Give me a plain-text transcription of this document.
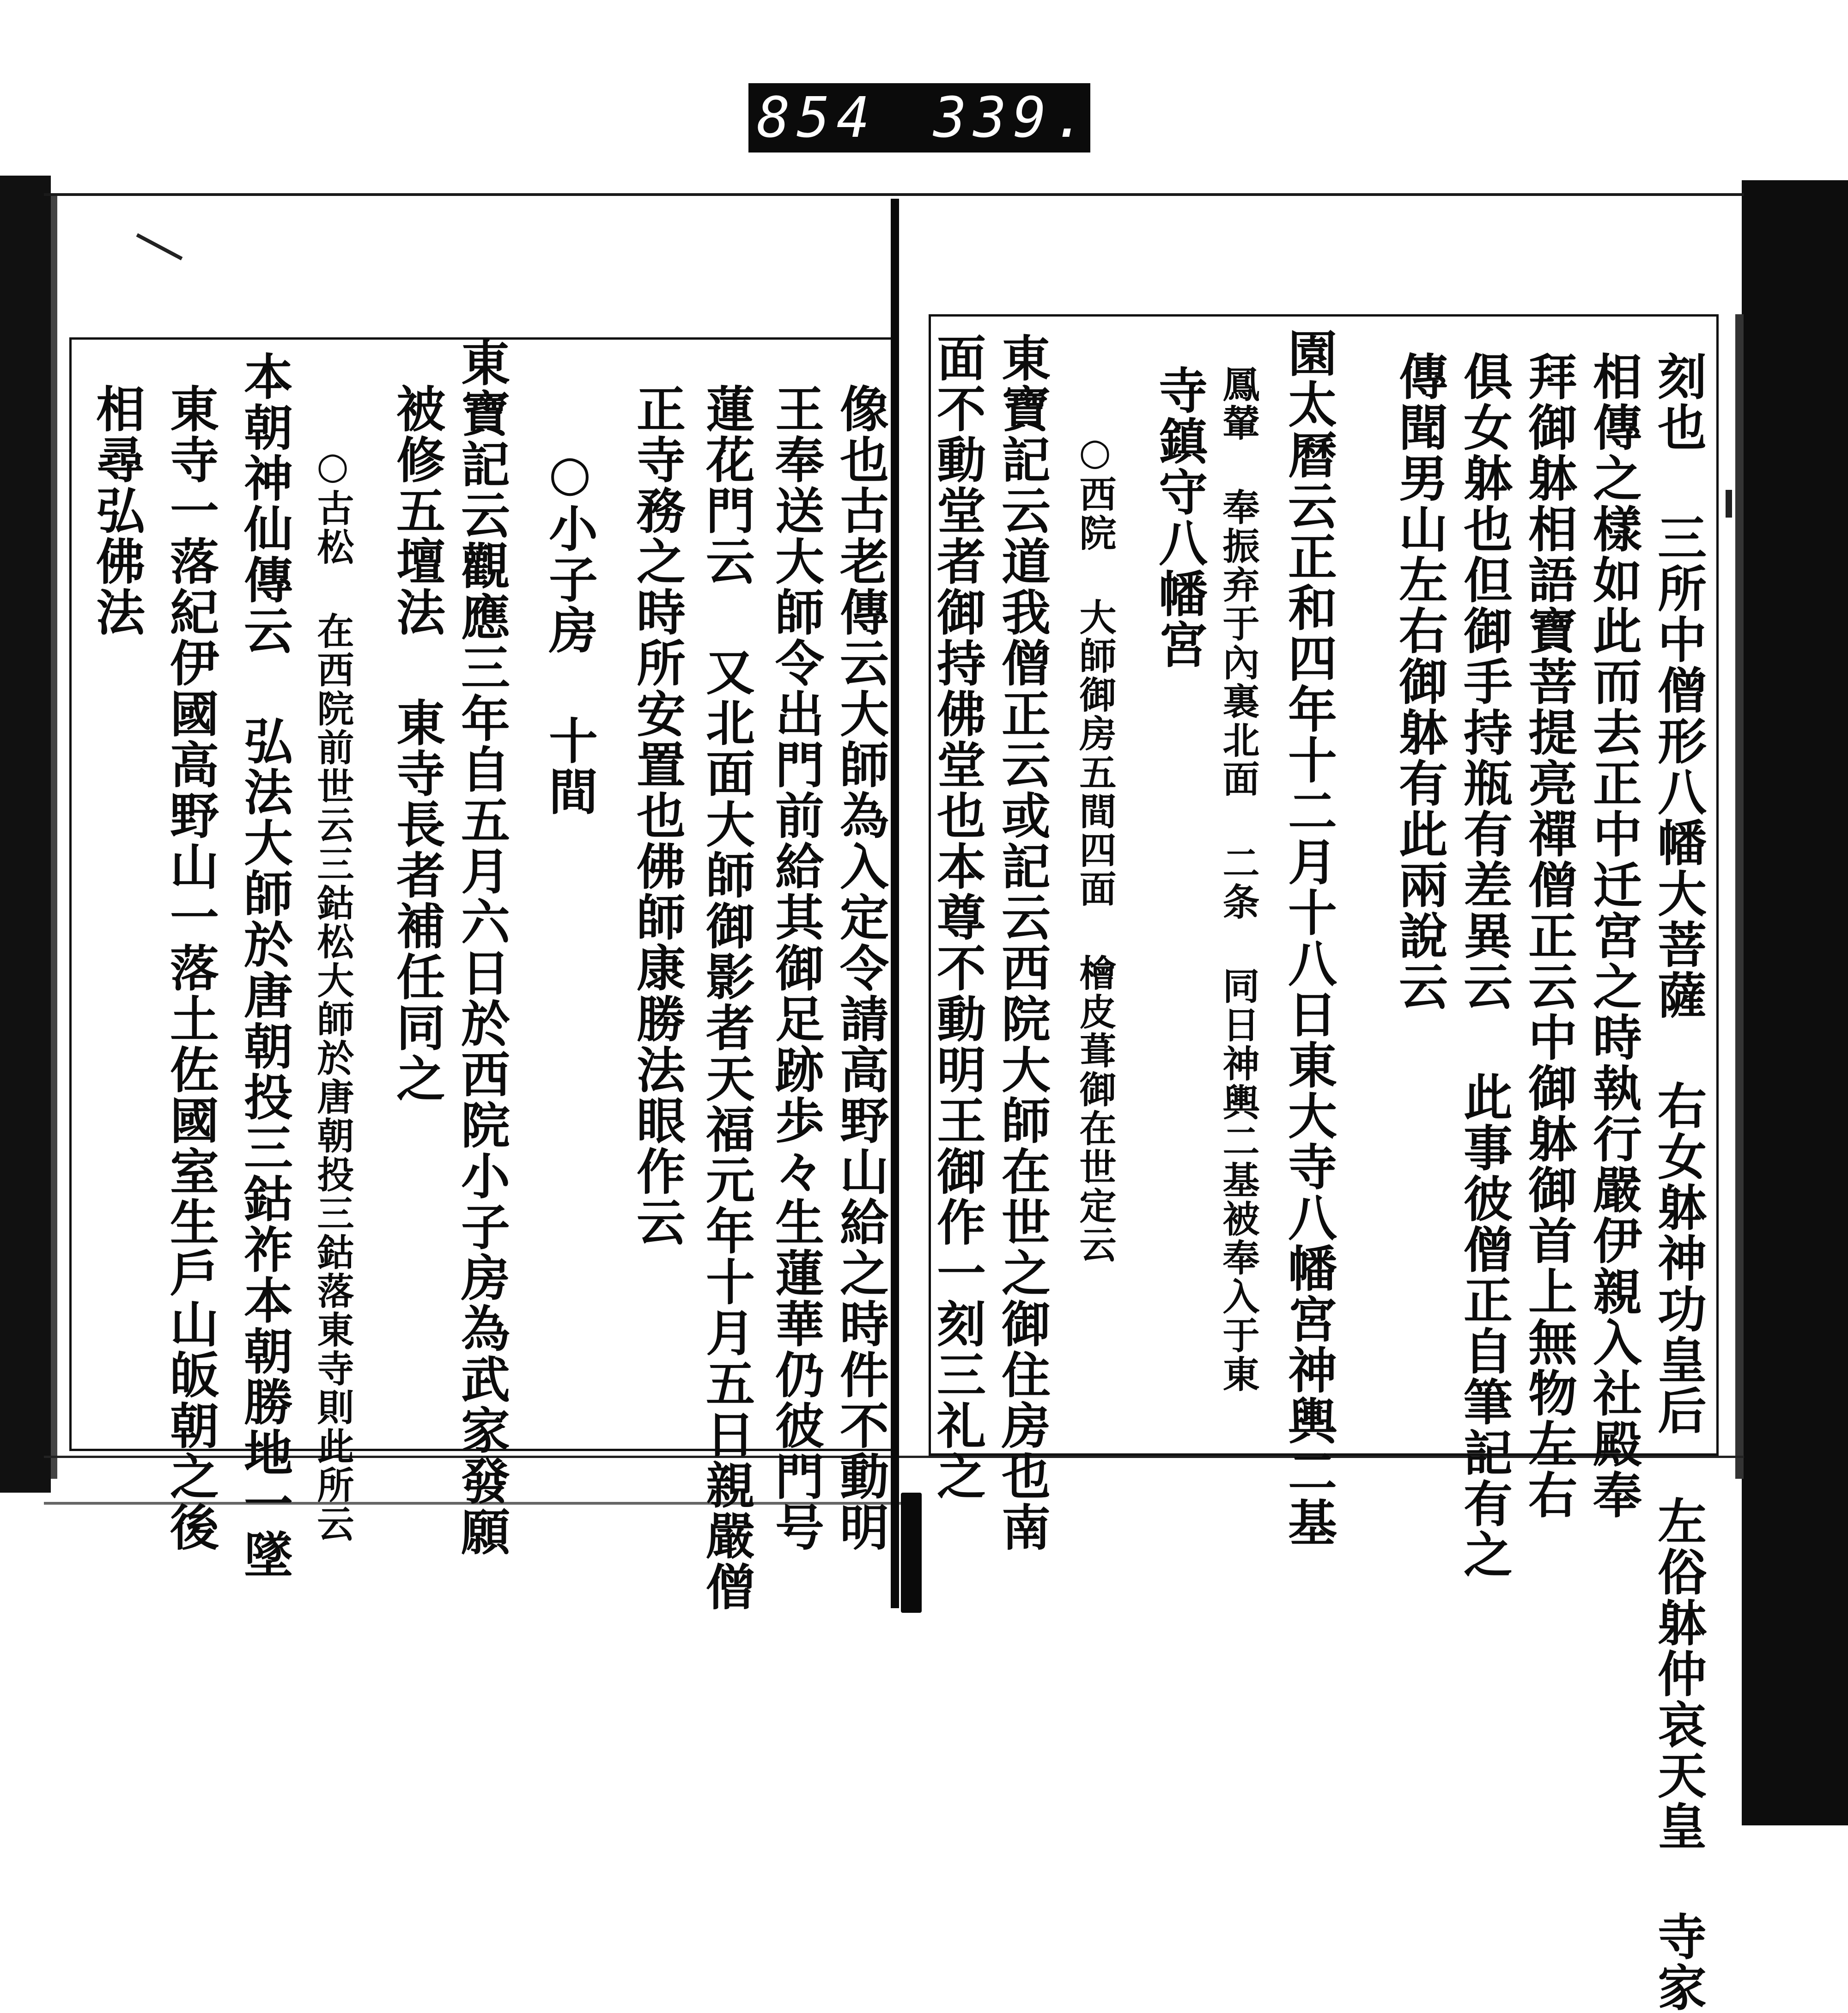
854 339.
刻也 三所中僧形八幡大菩薩 右女躰神功皇后 左俗躰仲哀天皇 寺家
相傳之樣如此而去正中迁宮之時執行嚴伊親入社殿奉
拜御躰相語寶菩提亮禪僧正云中御躰御首上無物左右
俱女躰也但御手持瓶有差異云 此事彼僧正自筆記有之
傳聞男山左右御躰有此兩說云
園太曆云正和四年十二月十八日東大寺八幡宮神輿二基
鳳輦 奉振弃于內裏北面 二条 同日神輿二基被奉入于東
寺鎮守八幡宮
○西院 大師御房五間四面 檜皮葺御在世定云
東寶記云道我僧正云或記云西院大師在世之御住房也南
面不動堂者御持佛堂也本尊不動明王御作一刻三礼之
像也古老傳云大師為入定令請高野山給之時件不動明
王奉送大師令出門前給其御足跡歩々生蓮華仍彼門号
蓮花門云 又北面大師御影者天福元年十月五日親嚴僧
正寺務之時所安置也佛師康勝法眼作云
○小子房 十間
東寶記云觀應三年自五月六日於西院小子房為武家發願
被修五壇法 東寺長者補任同之
○古松 在西院前世云三鈷松大師於唐朝投三鈷落東寺則此所云
本朝神仙傳云 弘法大師於唐朝投三鈷祚本朝勝地一墜
東寺一落紀伊國高野山一落土佐國室生戶山皈朝之後
相尋弘佛法
